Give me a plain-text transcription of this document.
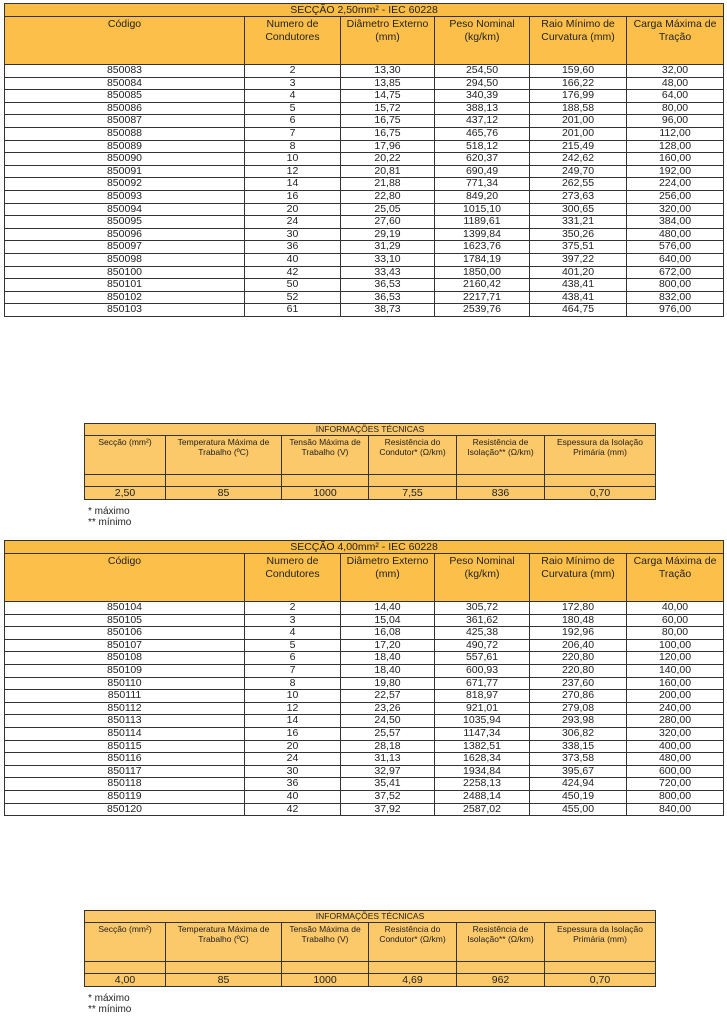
SECÇÃO 2,50mm² - IEC 60228					
Código	Numero de Condutores	Diâmetro Externo (mm)	Peso Nominal (kg/km)	Raio Mínimo de Curvatura (mm)	Carga Máxima de Tração
850083	2	13,30	254,50	159,60	32,00
850084	3	13,85	294,50	166,22	48,00
850085	4	14,75	340,39	176,99	64,00
850086	5	15,72	388,13	188,58	80,00
850087	6	16,75	437,12	201,00	96,00
850088	7	16,75	465,76	201,00	112,00
850089	8	17,96	518,12	215,49	128,00
850090	10	20,22	620,37	242,62	160,00
850091	12	20,81	690,49	249,70	192,00
850092	14	21,88	771,34	262,55	224,00
850093	16	22,80	849,20	273,63	256,00
850094	20	25,05	1015,10	300,65	320,00
850095	24	27,60	1189,61	331,21	384,00
850096	30	29,19	1399,84	350,26	480,00
850097	36	31,29	1623,76	375,51	576,00
850098	40	33,10	1784,19	397,22	640,00
850100	42	33,43	1850,00	401,20	672,00
850101	50	36,53	2160,42	438,41	800,00
850102	52	36,53	2217,71	438,41	832,00
850103	61	38,73	2539,76	464,75	976,00
INFORMAÇÕES TÉCNICAS					
Secção (mm²)	Temperatura Máxima de Trabalho (ºC)	Tensão Máxima de Trabalho (V)	Resistência do Condutor* (Ω/km)	Resistência de Isolação** (Ω/km)	Espessura da Isolação Primária (mm)

2,50	85	1000	7,55	836	0,70
* máximo
** mínimo
SECÇÃO 4,00mm² - IEC 60228					
Código	Numero de Condutores	Diâmetro Externo (mm)	Peso Nominal (kg/km)	Raio Mínimo de Curvatura (mm)	Carga Máxima de Tração
850104	2	14,40	305,72	172,80	40,00
850105	3	15,04	361,62	180,48	60,00
850106	4	16,08	425,38	192,96	80,00
850107	5	17,20	490,72	206,40	100,00
850108	6	18,40	557,61	220,80	120,00
850109	7	18,40	600,93	220,80	140,00
850110	8	19,80	671,77	237,60	160,00
850111	10	22,57	818,97	270,86	200,00
850112	12	23,26	921,01	279,08	240,00
850113	14	24,50	1035,94	293,98	280,00
850114	16	25,57	1147,34	306,82	320,00
850115	20	28,18	1382,51	338,15	400,00
850116	24	31,13	1628,34	373,58	480,00
850117	30	32,97	1934,84	395,67	600,00
850118	36	35,41	2258,13	424,94	720,00
850119	40	37,52	2488,14	450,19	800,00
850120	42	37,92	2587,02	455,00	840,00
INFORMAÇÕES TÉCNICAS					
Secção (mm²)	Temperatura Máxima de Trabalho (ºC)	Tensão Máxima de Trabalho (V)	Resistência do Condutor* (Ω/km)	Resistência de Isolação** (Ω/km)	Espessura da Isolação Primária (mm)

4,00	85	1000	4,69	962	0,70
* máximo
** mínimo
